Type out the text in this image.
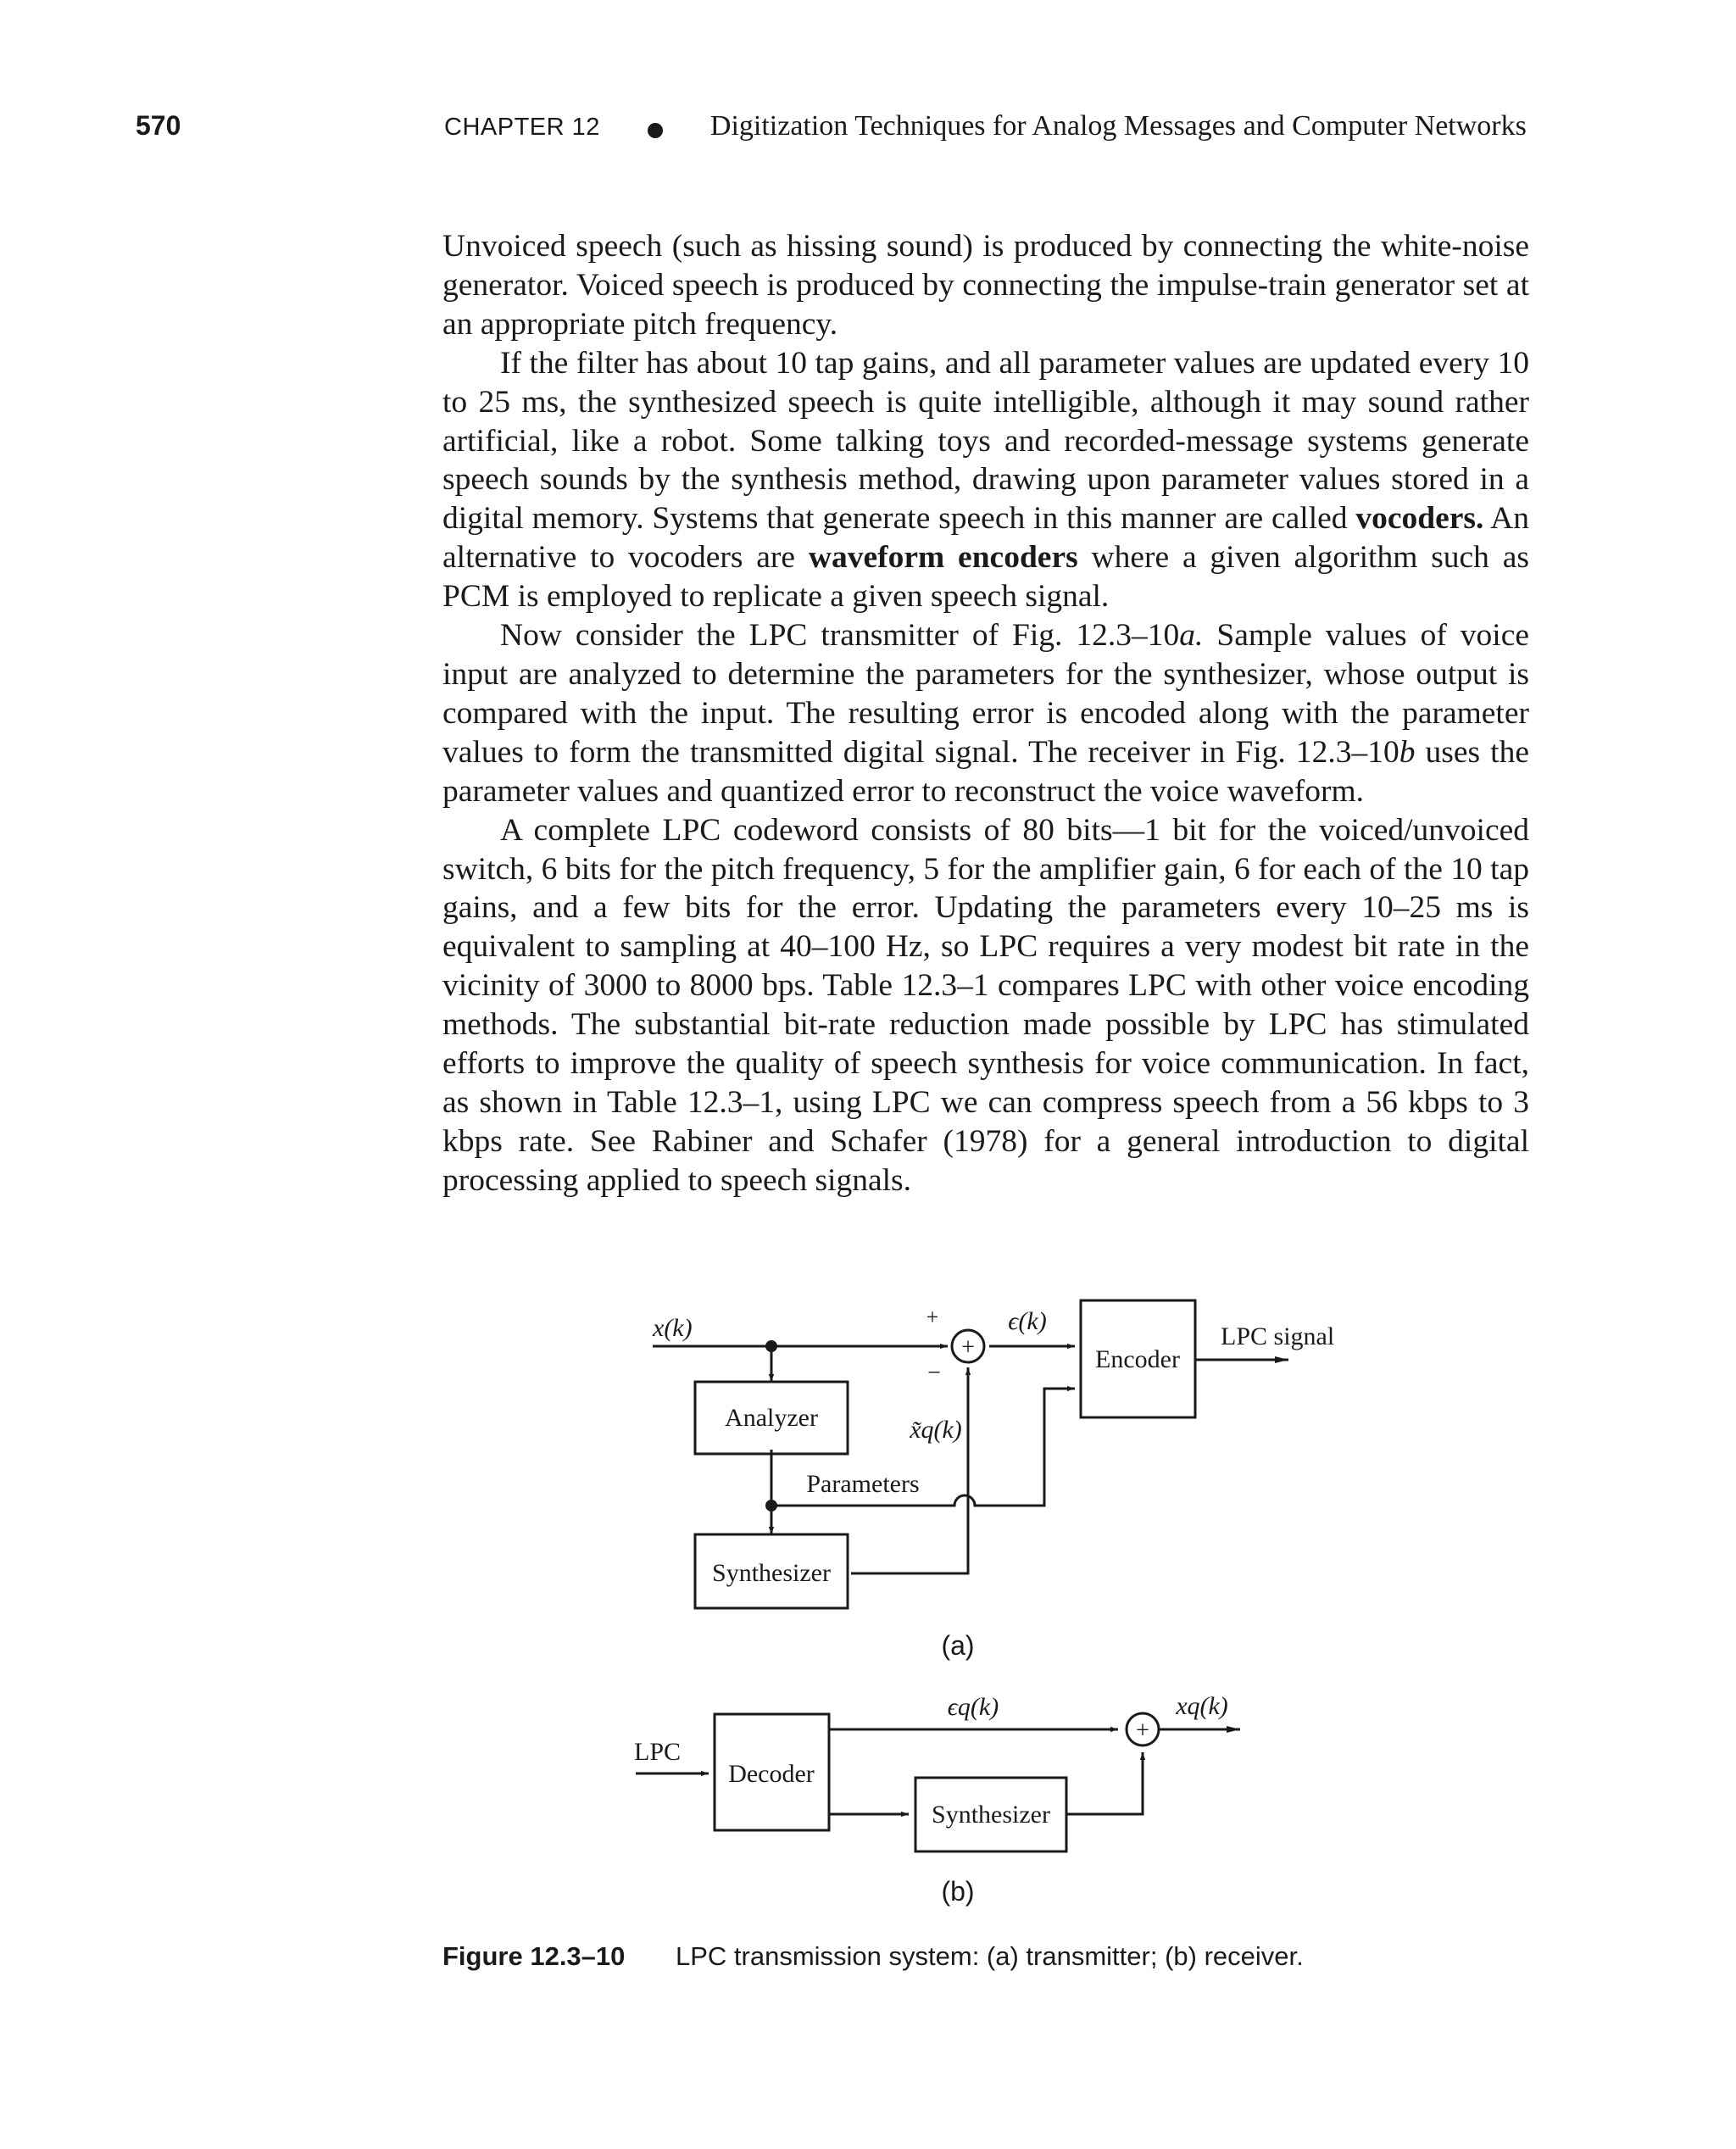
570	CHAPTER 12	Digitization Techniques for Analog Messages and Computer Networks

Unvoiced speech (such as hissing sound) is produced by connecting the white-noise generator. Voiced speech is produced by connecting the impulse-train generator set at an appropriate pitch frequency.

If the filter has about 10 tap gains, and all parameter values are updated every 10 to 25 ms, the synthesized speech is quite intelligible, although it may sound rather artificial, like a robot. Some talking toys and recorded-message systems generate speech sounds by the synthesis method, drawing upon parameter values stored in a digital memory. Systems that generate speech in this manner are called vocoders. An alternative to vocoders are waveform encoders where a given algorithm such as PCM is employed to replicate a given speech signal.

Now consider the LPC transmitter of Fig. 12.3–10a. Sample values of voice input are analyzed to determine the parameters for the synthesizer, whose output is compared with the input. The resulting error is encoded along with the parameter values to form the transmitted digital signal. The receiver in Fig. 12.3–10b uses the parameter values and quantized error to reconstruct the voice waveform.

A complete LPC codeword consists of 80 bits—1 bit for the voiced/unvoiced switch, 6 bits for the pitch frequency, 5 for the amplifier gain, 6 for each of the 10 tap gains, and a few bits for the error. Updating the parameters every 10–25 ms is equivalent to sampling at 40–100 Hz, so LPC requires a very modest bit rate in the vicinity of 3000 to 8000 bps. Table 12.3–1 compares LPC with other voice encoding methods. The substantial bit-rate reduction made possible by LPC has stimulated efforts to improve the quality of speech synthesis for voice communication. In fact, as shown in Table 12.3–1, using LPC we can compress speech from a 56 kbps to 3 kbps rate. See Rabiner and Schafer (1978) for a general introduction to digital processing applied to speech signals.

x(k)
Analyzer
Synthesizer
Encoder
Parameters
+
+
−
ϵ(k)
x̃q(k)
LPC signal
(a)
LPC
Decoder
Synthesizer
ϵq(k)	xq(k)
+
(b)
Figure 12.3–10 LPC transmission system: (a) transmitter; (b) receiver.
